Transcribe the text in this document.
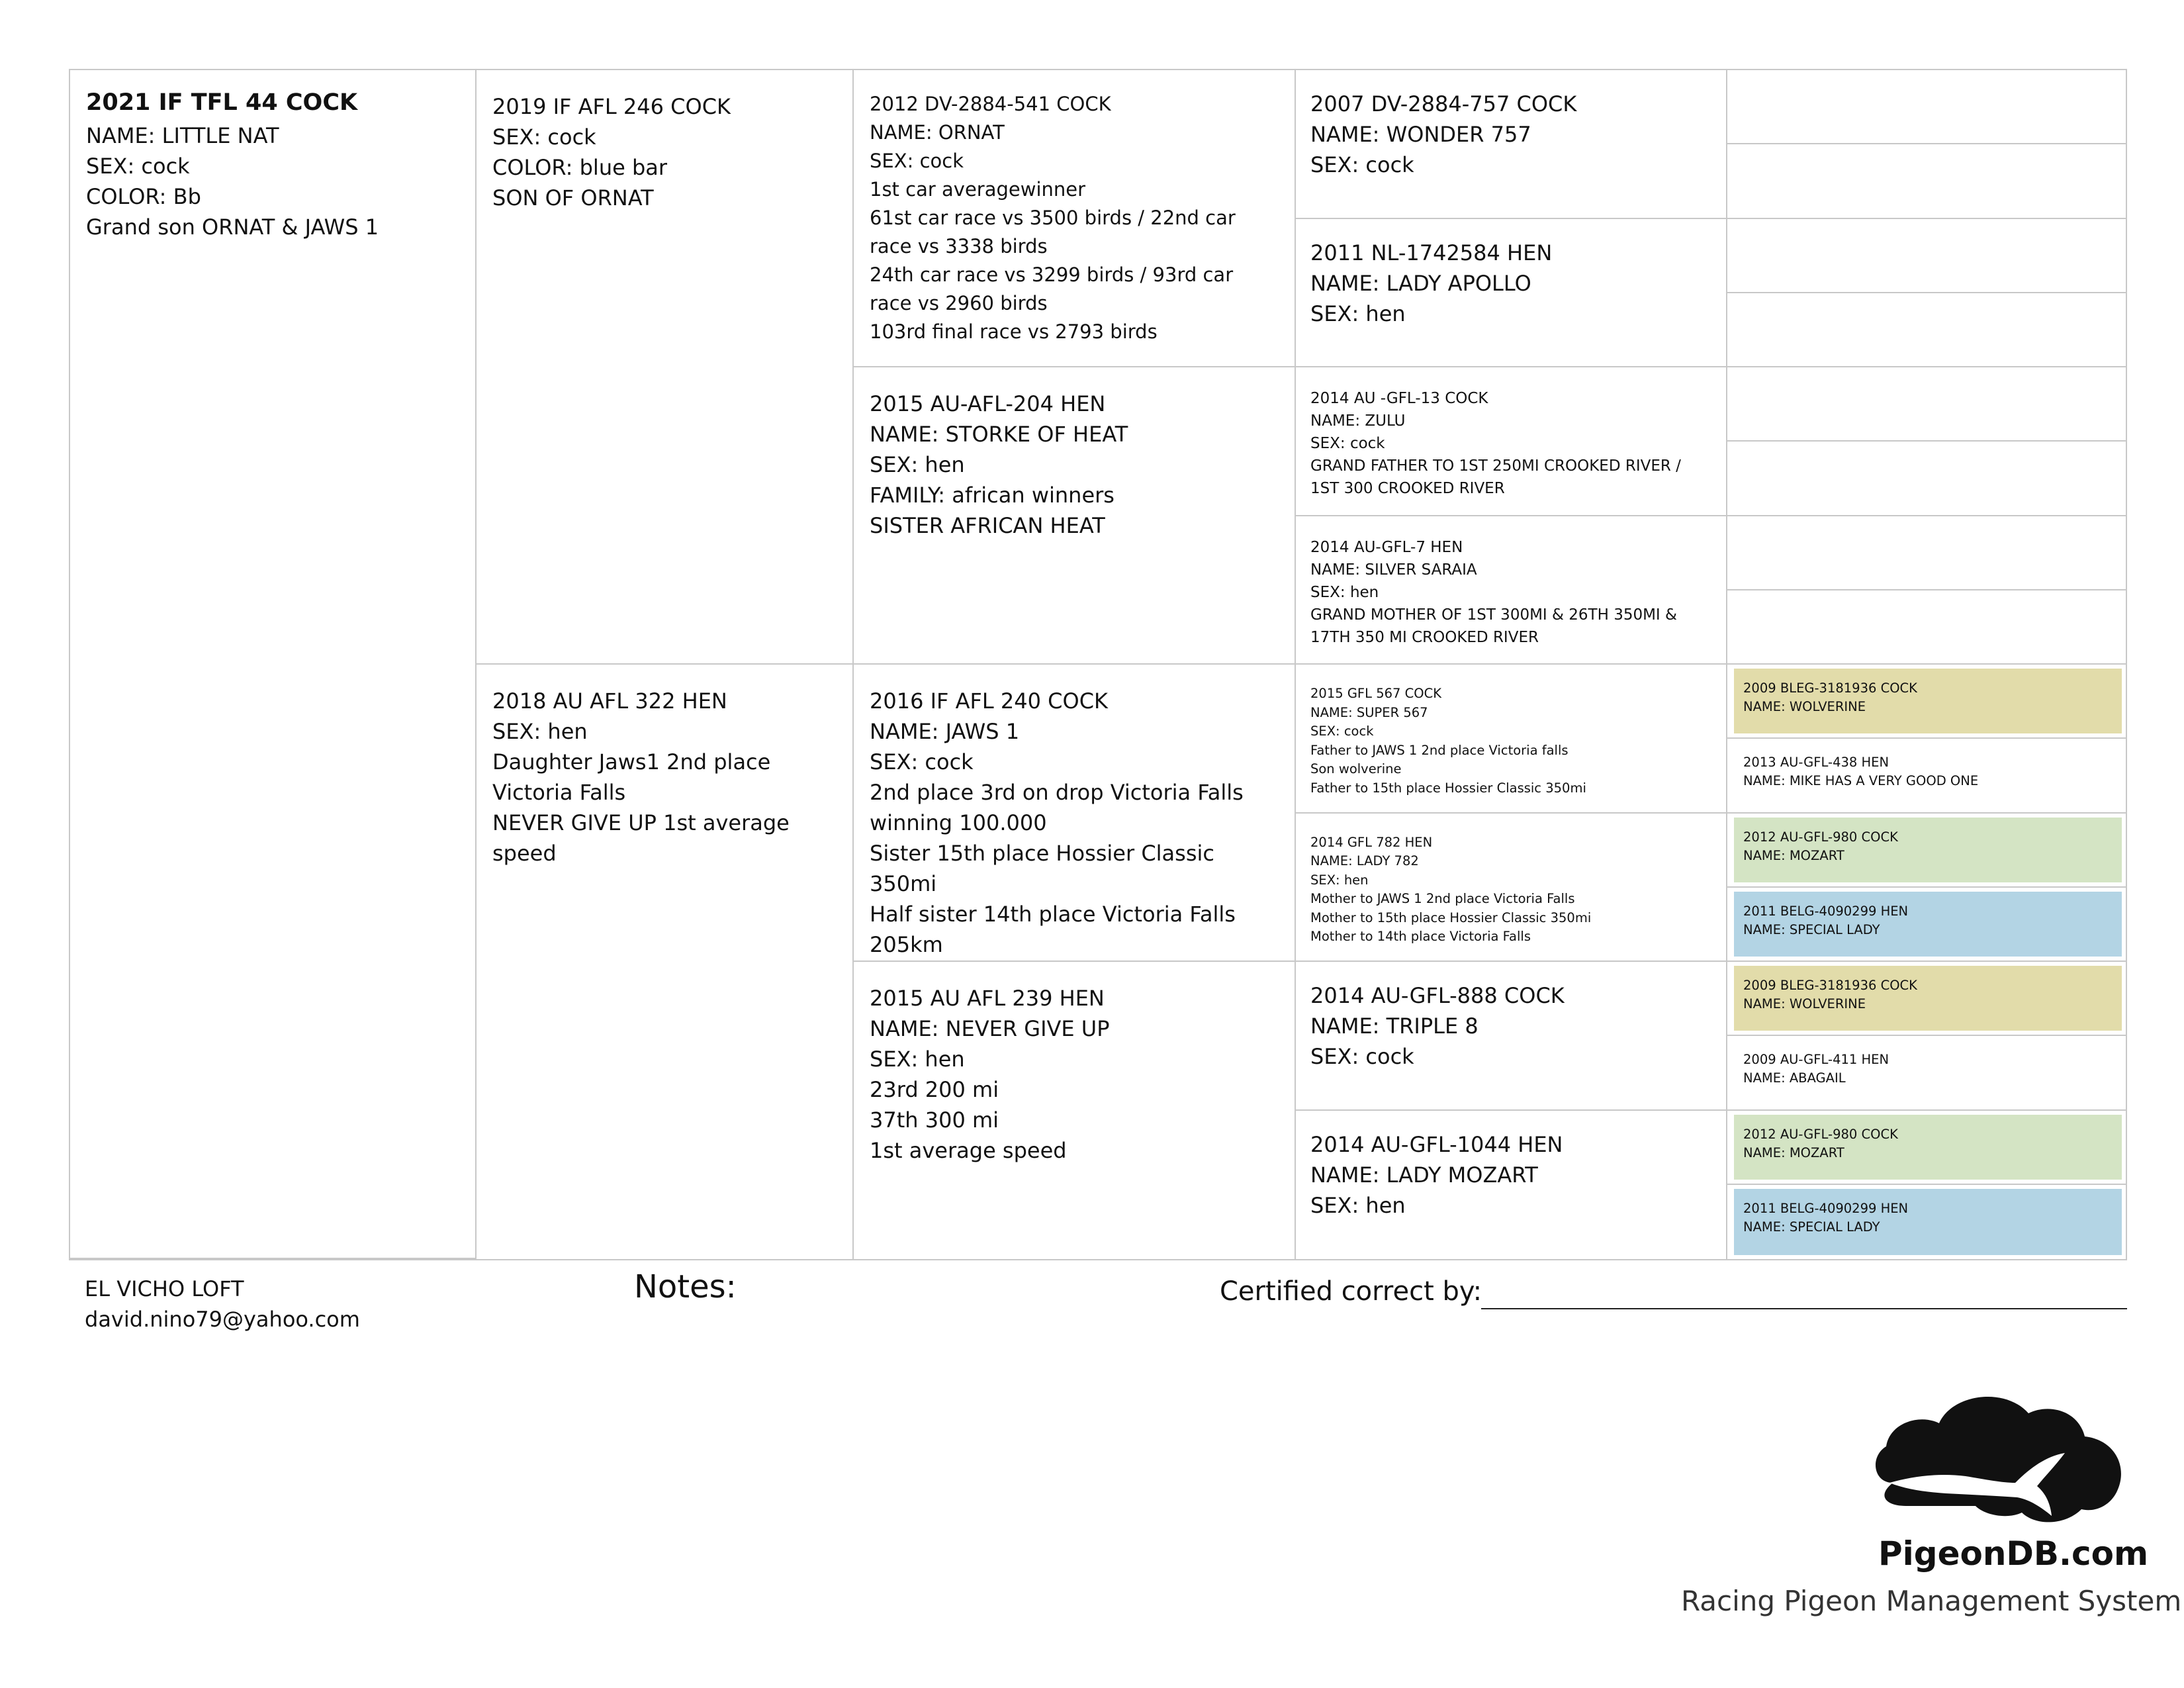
2021 IF TFL 44 COCK
NAME: LITTLE NAT
SEX: cock
COLOR: Bb
Grand son ORNAT & JAWS 1
2019 IF AFL 246 COCK
SEX: cock
COLOR: blue bar
SON OF ORNAT
2018 AU AFL 322 HEN
SEX: hen
Daughter Jaws1 2nd place Victoria Falls
NEVER GIVE UP 1st average speed
2012 DV-2884-541 COCK
NAME: ORNAT
SEX: cock
1st car averagewinner
61st car race vs 3500 birds / 22nd car race vs 3338 birds
24th car race vs 3299 birds / 93rd car race vs 2960 birds
103rd final race vs 2793 birds
2015 AU-AFL-204 HEN
NAME: STORKE OF HEAT
SEX: hen
FAMILY: african winners
SISTER AFRICAN HEAT
2016 IF AFL 240 COCK
NAME: JAWS 1
SEX: cock
2nd place 3rd on drop Victoria Falls winning 100.000
Sister 15th place Hossier Classic 350mi
Half sister 14th place Victoria Falls 205km
2015 AU AFL 239 HEN
NAME: NEVER GIVE UP
SEX: hen
23rd 200 mi
37th 300 mi
1st average speed
2007 DV-2884-757 COCK
NAME: WONDER 757
SEX: cock
2011 NL-1742584 HEN
NAME: LADY APOLLO
SEX: hen
2014 AU -GFL-13 COCK
NAME: ZULU
SEX: cock
GRAND FATHER TO 1ST 250MI CROOKED RIVER / 1ST 300 CROOKED RIVER
2014 AU-GFL-7 HEN
NAME: SILVER SARAIA
SEX: hen
GRAND MOTHER OF 1ST 300MI & 26TH 350MI & 17TH 350 MI CROOKED RIVER
2015 GFL 567 COCK
NAME: SUPER 567
SEX: cock
Father to JAWS 1 2nd place Victoria falls
Son wolverine
Father to 15th place Hossier Classic 350mi
2014 GFL 782 HEN
NAME: LADY 782
SEX: hen
Mother to JAWS 1 2nd place Victoria Falls
Mother to 15th place Hossier Classic 350mi
Mother to 14th place Victoria Falls
2014 AU-GFL-888 COCK
NAME: TRIPLE 8
SEX: cock
2014 AU-GFL-1044 HEN
NAME: LADY MOZART
SEX: hen
2009 BLEG-3181936 COCK
NAME: WOLVERINE
2013 AU-GFL-438 HEN
NAME: MIKE HAS A VERY GOOD ONE
2012 AU-GFL-980 COCK
NAME: MOZART
2011 BELG-4090299 HEN
NAME: SPECIAL LADY
2009 BLEG-3181936 COCK
NAME: WOLVERINE
2009 AU-GFL-411 HEN
NAME: ABAGAIL
2012 AU-GFL-980 COCK
NAME: MOZART
2011 BELG-4090299 HEN
NAME: SPECIAL LADY
EL VICHO LOFT
david.nino79@yahoo.com
Notes:	Certified correct by:
PigeonDB.com
Racing Pigeon Management System
